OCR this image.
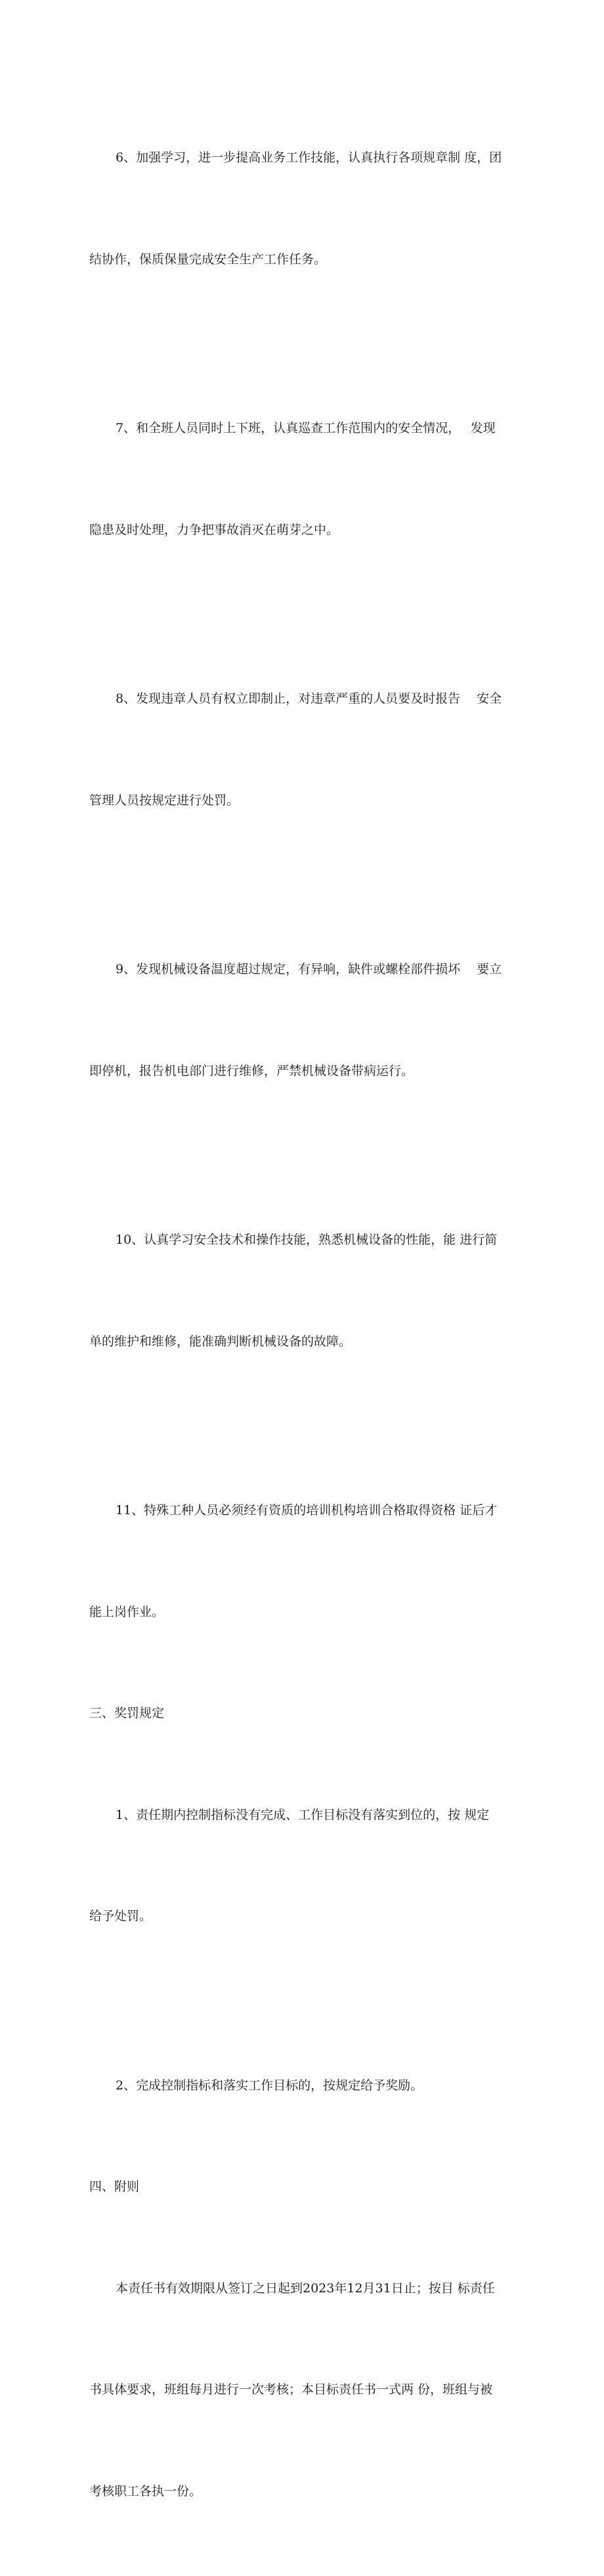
6、加强学习，进一步提高业务工作技能，认真执行各项规章制 度，团

结协作，保质保量完成安全生产工作任务。

7、和全班人员同时上下班，认真巡查工作范围内的安全情况，　 发现

隐患及时处理，力争把事故消灭在萌芽之中。

8、发现违章人员有权立即制止，对违章严重的人员要及时报告　 安全

管理人员按规定进行处罚。

9、发现机械设备温度超过规定，有异响，缺件或螺栓部件损坏　 要立

即停机，报告机电部门进行维修，严禁机械设备带病运行。

10、认真学习安全技术和操作技能，熟悉机械设备的性能，能 进行简

单的维护和维修，能准确判断机械设备的故障。

11、特殊工种人员必须经有资质的培训机构培训合格取得资格 证后才

能上岗作业。

三、奖罚规定

1、责任期内控制指标没有完成、工作目标没有落实到位的，按 规定

给予处罚。

2、完成控制指标和落实工作目标的，按规定给予奖励。

四、附则

本责任书有效期限从签订之日起到2023年12月31日止；按目 标责任

书具体要求，班组每月进行一次考核；本目标责任书一式两 份，班组与被

考核职工各执一份。
